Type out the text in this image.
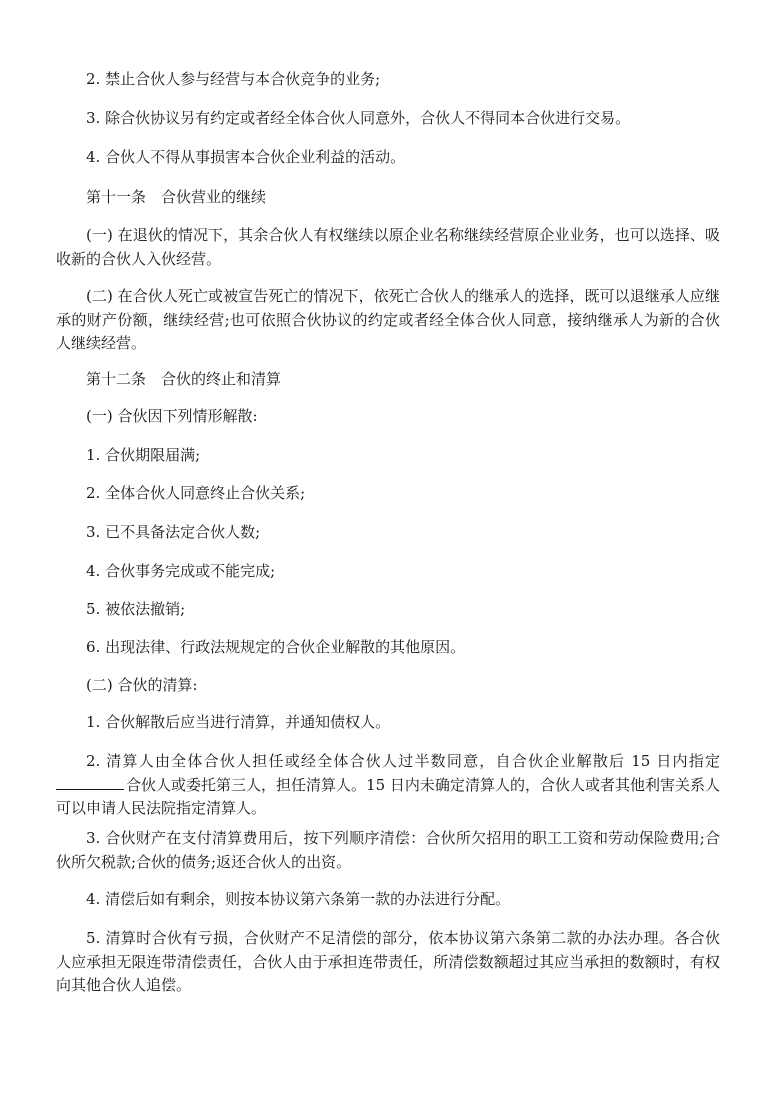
2. 禁止合伙人参与经营与本合伙竞争的业务;

3. 除合伙协议另有约定或者经全体合伙人同意外，合伙人不得同本合伙进行交易。

4. 合伙人不得从事损害本合伙企业利益的活动。

第十一条　合伙营业的继续

(一) 在退伙的情况下，其余合伙人有权继续以原企业名称继续经营原企业业务，也可以选择、吸收新的合伙人入伙经营。

(二) 在合伙人死亡或被宣告死亡的情况下，依死亡合伙人的继承人的选择，既可以退继承人应继承的财产份额，继续经营;也可依照合伙协议的约定或者经全体合伙人同意，接纳继承人为新的合伙人继续经营。

第十二条　合伙的终止和清算

(一) 合伙因下列情形解散:

1. 合伙期限届满;

2. 全体合伙人同意终止合伙关系;

3. 已不具备法定合伙人数;

4. 合伙事务完成或不能完成;

5. 被依法撤销;

6. 出现法律、行政法规规定的合伙企业解散的其他原因。

(二) 合伙的清算:

1. 合伙解散后应当进行清算，并通知债权人。

2. 清算人由全体合伙人担任或经全体合伙人过半数同意，自合伙企业解散后 15 日内指定合伙人或委托第三人，担任清算人。15 日内未确定清算人的，合伙人或者其他利害关系人可以申请人民法院指定清算人。

3. 合伙财产在支付清算费用后，按下列顺序清偿：合伙所欠招用的职工工资和劳动保险费用;合伙所欠税款;合伙的债务;返还合伙人的出资。

4. 清偿后如有剩余，则按本协议第六条第一款的办法进行分配。

5. 清算时合伙有亏损，合伙财产不足清偿的部分，依本协议第六条第二款的办法办理。各合伙人应承担无限连带清偿责任，合伙人由于承担连带责任，所清偿数额超过其应当承担的数额时，有权向其他合伙人追偿。
